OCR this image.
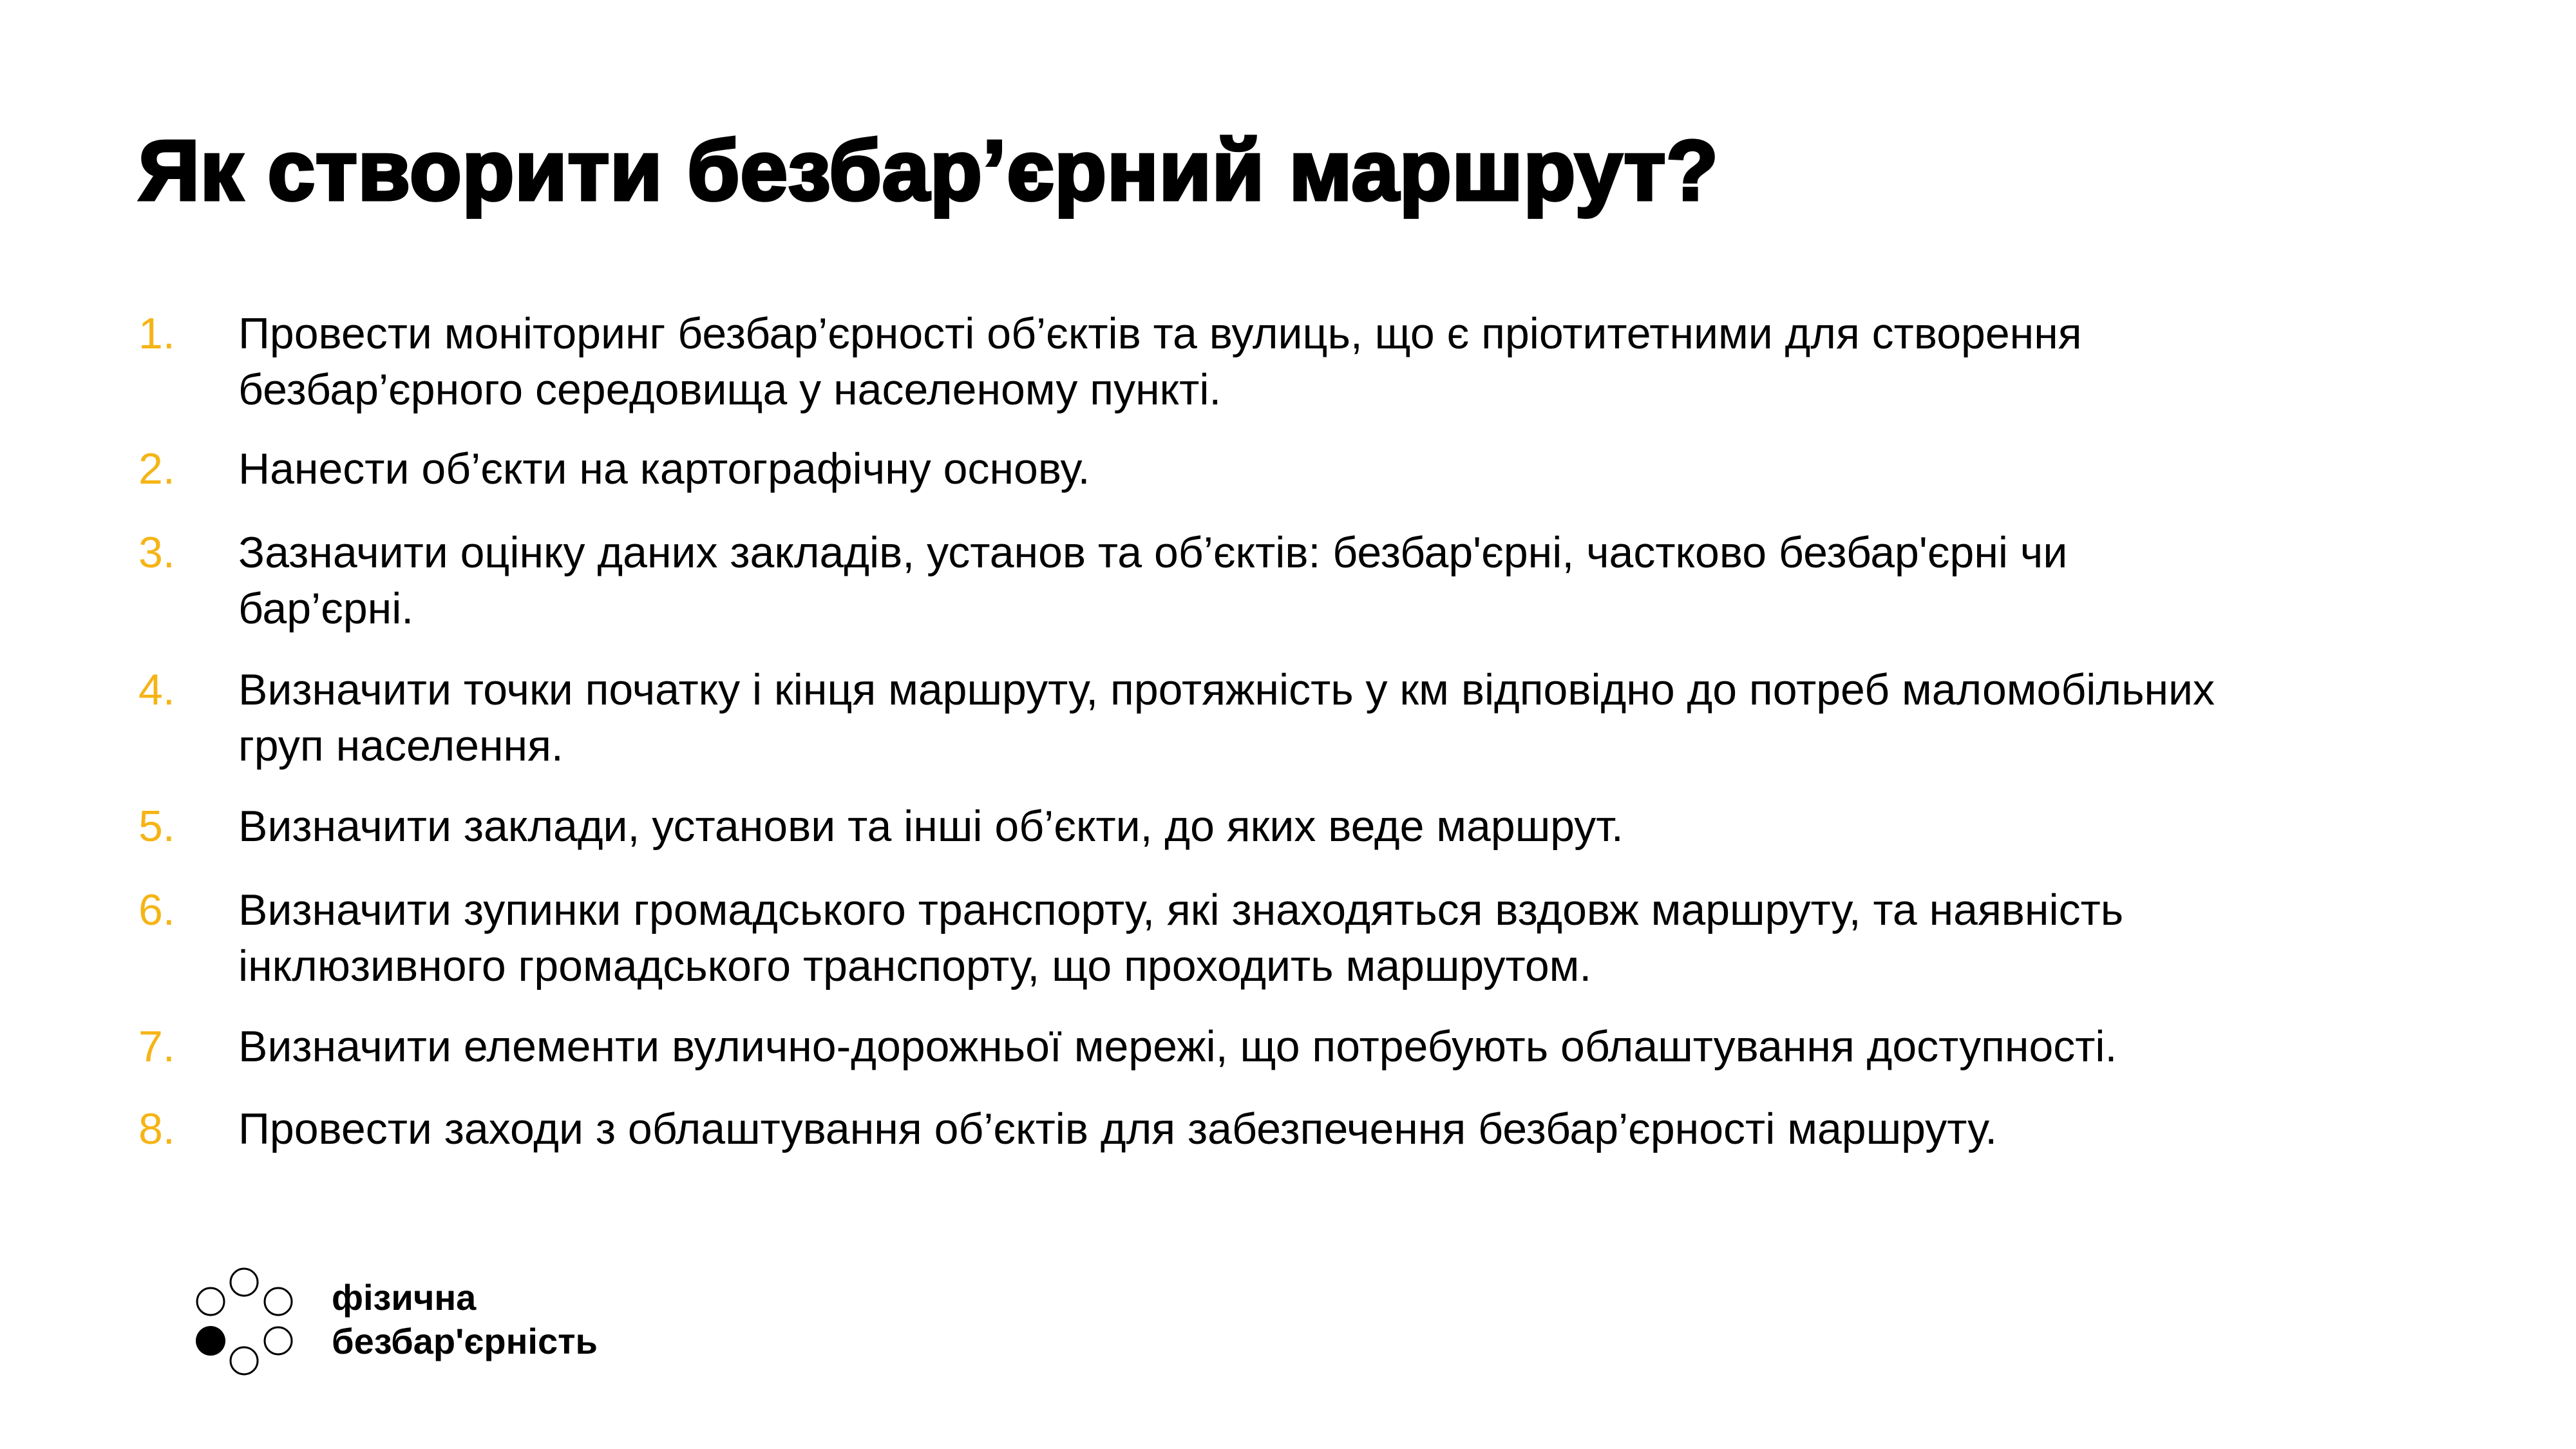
Як створити безбар’єрний маршрут?
1. Провести моніторинг безбар’єрності об’єктів та вулиць, що є пріотитетними для створення
безбар’єрного середовища у населеному пункті.
2. Нанести об’єкти на картографічну основу.
3. Зазначити оцінку даних закладів, установ та об’єктів: безбар'єрні, частково безбар'єрні чи
бар’єрні.
4. Визначити точки початку і кінця маршруту, протяжність у км відповідно до потреб маломобільних
груп населення.
5. Визначити заклади, установи та інші об’єкти, до яких веде маршрут.
6. Визначити зупинки громадського транспорту, які знаходяться вздовж маршруту, та наявність
інклюзивного громадського транспорту, що проходить маршрутом.
7. Визначити елементи вулично-дорожньої мережі, що потребують облаштування доступності.
8. Провести заходи з облаштування об’єктів для забезпечення безбар’єрності маршруту.
фізична
безбар'єрність
